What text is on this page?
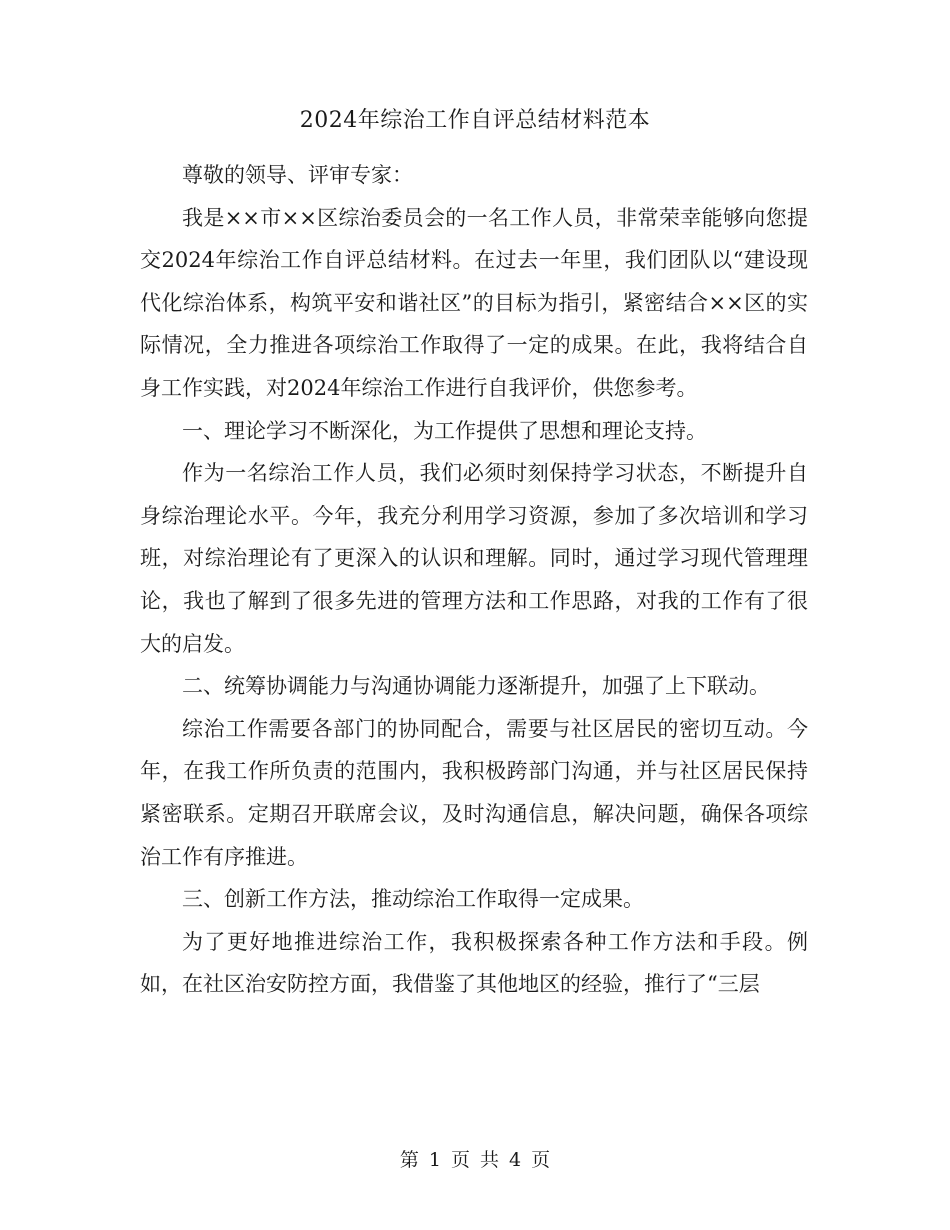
2024年综治工作自评总结材料范本

尊敬的领导、评审专家：

我是××市××区综治委员会的一名工作人员，非常荣幸能够向您提交2024年综治工作自评总结材料。在过去一年里，我们团队以“建设现代化综治体系，构筑平安和谐社区”的目标为指引，紧密结合××区的实际情况，全力推进各项综治工作取得了一定的成果。在此，我将结合自身工作实践，对2024年综治工作进行自我评价，供您参考。

一、理论学习不断深化，为工作提供了思想和理论支持。

作为一名综治工作人员，我们必须时刻保持学习状态，不断提升自身综治理论水平。今年，我充分利用学习资源，参加了多次培训和学习班，对综治理论有了更深入的认识和理解。同时，通过学习现代管理理论，我也了解到了很多先进的管理方法和工作思路，对我的工作有了很大的启发。

二、统筹协调能力与沟通协调能力逐渐提升，加强了上下联动。

综治工作需要各部门的协同配合，需要与社区居民的密切互动。今年，在我工作所负责的范围内，我积极跨部门沟通，并与社区居民保持紧密联系。定期召开联席会议，及时沟通信息，解决问题，确保各项综治工作有序推进。

三、创新工作方法，推动综治工作取得一定成果。

为了更好地推进综治工作，我积极探索各种工作方法和手段。例如，在社区治安防控方面，我借鉴了其他地区的经验，推行了“三层

第 1 页 共 4 页
